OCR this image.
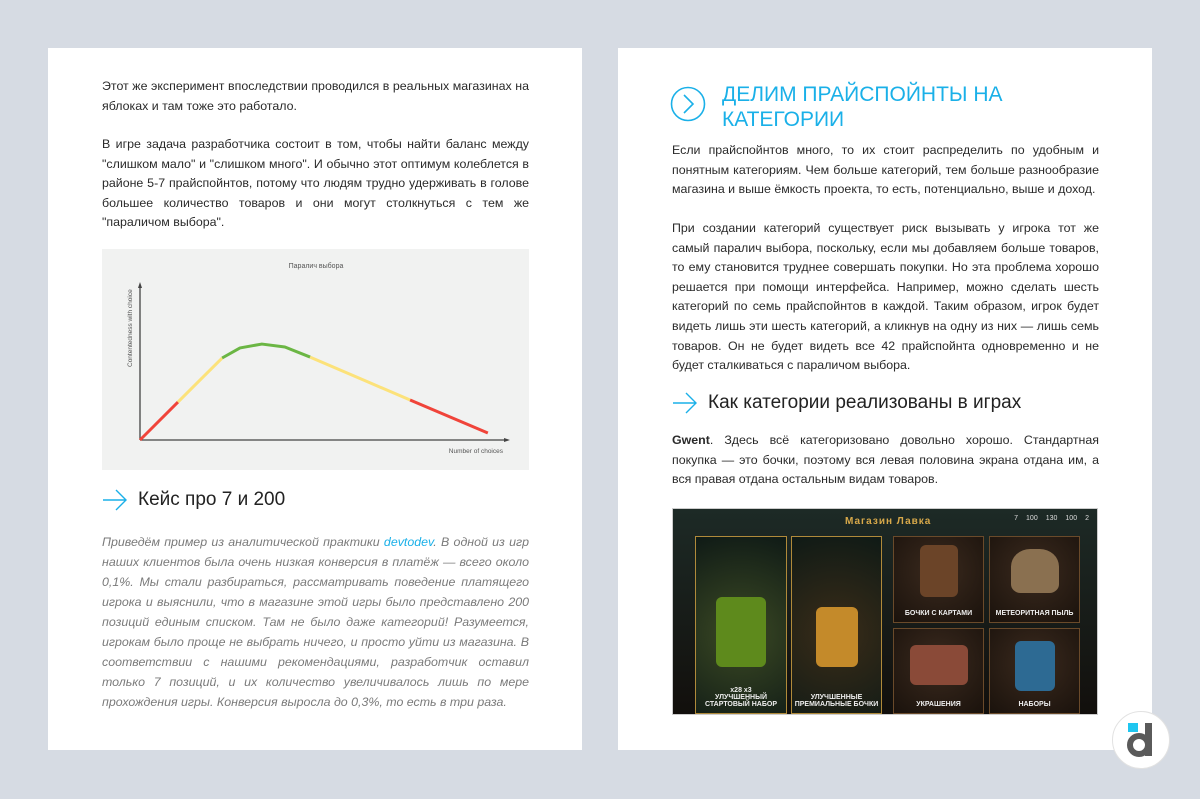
Этот же эксперимент впоследствии проводился в реальных магазинах на яблоках и там тоже это работало.

В игре задача разработчика состоит в том, чтобы найти баланс между "слишком мало" и "слишком много". И обычно этот оптимум колеблется в районе 5-7 прайспойнтов, потому что людям трудно удерживать в голове большее количество товаров и они могут столкнуться с тем же "параличом выбора".

Паралич выбора
Number of choices
Contentedness with choice
Кейс про 7 и 200

Приведём пример из аналитической практики devtodev. В одной из игр наших клиентов была очень низкая конверсия в платёж — всего около 0,1%. Мы стали разбираться, рассматривать поведение платящего игрока и выяснили, что в магазине этой игры было представлено 200 позиций единым списком. Там не было даже категорий! Разумеется, игрокам было проще не выбрать ничего, и просто уйти из магазина. В соответствии с нашими рекомендациями, разработчик оставил только 7 позиций, и их количество увеличивалось лишь по мере прохождения игры. Конверсия выросла до 0,3%, то есть в три раза.

ДЕЛИМ ПРАЙСПОЙНТЫ НА КАТЕГОРИИ

Если прайспойнтов много, то их стоит распределить по удобным и понятным категориям. Чем больше категорий, тем больше разнообразие магазина и выше ёмкость проекта, то есть, потенциально, выше и доход.

При создании категорий существует риск вызывать у игрока тот же самый паралич выбора, поскольку, если мы добавляем больше товаров, то ему становится труднее совершать покупки. Но эта проблема хорошо решается при помощи интерфейса. Например, можно сделать шесть категорий по семь прайспойнтов в каждой. Таким образом, игрок будет видеть лишь эти шесть категорий, а кликнув на одну из них — лишь семь товаров. Он не будет видеть все 42 прайспойнта одновременно и не будет сталкиваться с параличом выбора.

Как категории реализованы в играх

Gwent. Здесь всё категоризовано довольно хорошо. Стандартная покупка — это бочки, поэтому вся левая половина экрана отдана им, а вся правая отдана остальным видам товаров.

Магазин Лавка	7 100 130 100 2
x28 x3
УЛУЧШЕННЫЙ СТАРТОВЫЙ НАБОР
УЛУЧШЕННЫЕ ПРЕМИАЛЬНЫЕ БОЧКИ
БОЧКИ С КАРТАМИ	МЕТЕОРИТНАЯ ПЫЛЬ
УКРАШЕНИЯ	НАБОРЫ
